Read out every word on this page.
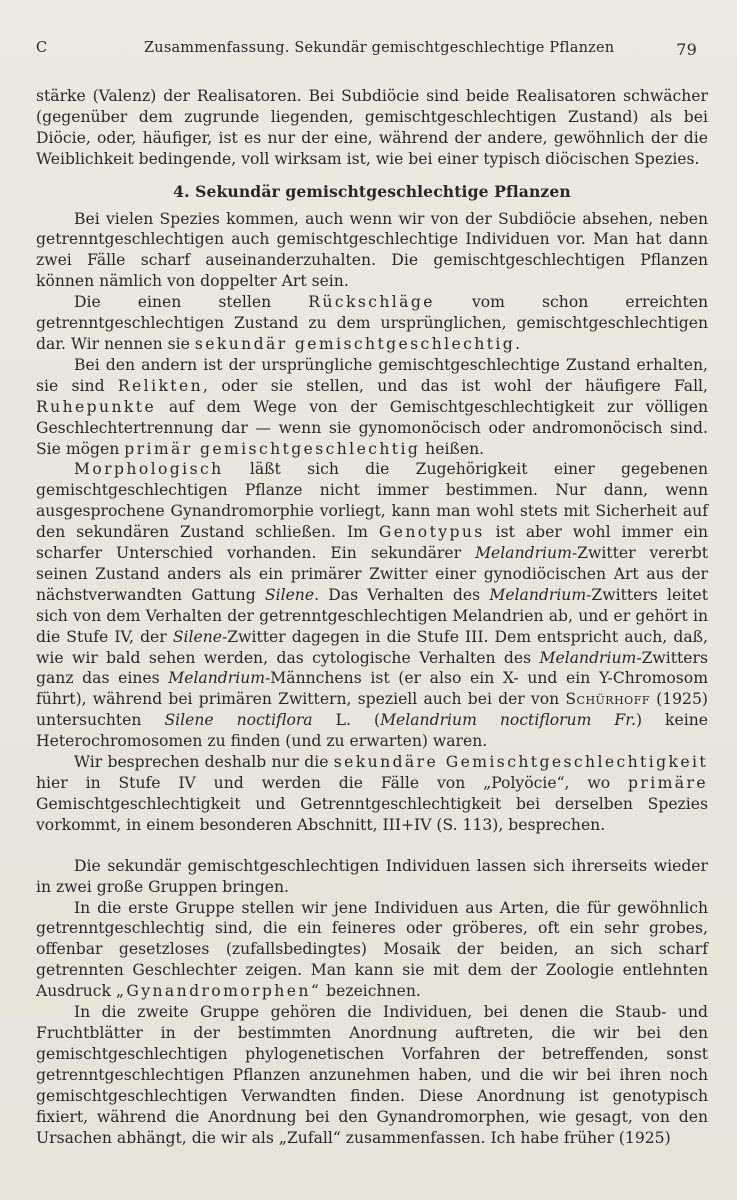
C	Zusammenfassung. Sekundär gemischtgeschlechtige Pflanzen	79

stärke (Valenz) der Realisatoren. Bei Subdiöcie sind beide Realisatoren schwächer (gegenüber dem zugrunde liegenden, gemischtgeschlechtigen Zustand) als bei Diöcie, oder, häufiger, ist es nur der eine, während der andere, gewöhnlich der die Weiblichkeit bedingende, voll wirksam ist, wie bei einer typisch diöcischen Spezies.

4. Sekundär gemischtgeschlechtige Pflanzen

Bei vielen Spezies kommen, auch wenn wir von der Subdiöcie absehen, neben getrenntgeschlechtigen auch gemischtgeschlechtige Individuen vor. Man hat dann zwei Fälle scharf auseinanderzuhalten. Die gemischtgeschlechtigen Pflanzen können nämlich von doppelter Art sein.

Die einen stellen Rückschläge vom schon erreichten getrenntgeschlechtigen Zustand zu dem ursprünglichen, gemischtgeschlechtigen dar. Wir nennen sie sekundär gemischtgeschlechtig.

Bei den andern ist der ursprüngliche gemischtgeschlechtige Zustand erhalten, sie sind Relikten, oder sie stellen, und das ist wohl der häufigere Fall, Ruhepunkte auf dem Wege von der Gemischtgeschlechtigkeit zur völligen Geschlechtertrennung dar — wenn sie gynomonöcisch oder andromonöcisch sind. Sie mögen primär gemischtgeschlechtig heißen.

Morphologisch läßt sich die Zugehörigkeit einer gegebenen gemischtgeschlechtigen Pflanze nicht immer bestimmen. Nur dann, wenn ausgesprochene Gynandromorphie vorliegt, kann man wohl stets mit Sicherheit auf den sekundären Zustand schließen. Im Genotypus ist aber wohl immer ein scharfer Unterschied vorhanden. Ein sekundärer Melandrium-Zwitter vererbt seinen Zustand anders als ein primärer Zwitter einer gynodiöcischen Art aus der nächstverwandten Gattung Silene. Das Verhalten des Melandrium-Zwitters leitet sich von dem Verhalten der getrenntgeschlechtigen Melandrien ab, und er gehört in die Stufe IV, der Silene-Zwitter dagegen in die Stufe III. Dem entspricht auch, daß, wie wir bald sehen werden, das cytologische Verhalten des Melandrium-Zwitters ganz das eines Melandrium-Männchens ist (er also ein X- und ein Y-Chromosom führt), während bei primären Zwittern, speziell auch bei der von Schürhoff (1925) untersuchten Silene noctiflora L. (Melandrium noctiflorum Fr.) keine Heterochromosomen zu finden (und zu erwarten) waren.

Wir besprechen deshalb nur die sekundäre Gemischtgeschlechtigkeit hier in Stufe IV und werden die Fälle von „Polyöcie“, wo primäre Gemischtgeschlechtigkeit und Getrenntgeschlechtigkeit bei derselben Spezies vorkommt, in einem besonderen Abschnitt, III+IV (S. 113), besprechen.

Die sekundär gemischtgeschlechtigen Individuen lassen sich ihrerseits wieder in zwei große Gruppen bringen.

In die erste Gruppe stellen wir jene Individuen aus Arten, die für gewöhnlich getrenntgeschlechtig sind, die ein feineres oder gröberes, oft ein sehr grobes, offenbar gesetzloses (zufallsbedingtes) Mosaik der beiden, an sich scharf getrennten Geschlechter zeigen. Man kann sie mit dem der Zoologie entlehnten Ausdruck „Gynandromorphen“ bezeichnen.

In die zweite Gruppe gehören die Individuen, bei denen die Staub- und Fruchtblätter in der bestimmten Anordnung auftreten, die wir bei den gemischtgeschlechtigen phylogenetischen Vorfahren der betreffenden, sonst getrenntgeschlechtigen Pflanzen anzunehmen haben, und die wir bei ihren noch gemischtgeschlechtigen Verwandten finden. Diese Anordnung ist genotypisch fixiert, während die Anordnung bei den Gynandromorphen, wie gesagt, von den Ursachen abhängt, die wir als „Zufall“ zusammenfassen. Ich habe früher (1925)
